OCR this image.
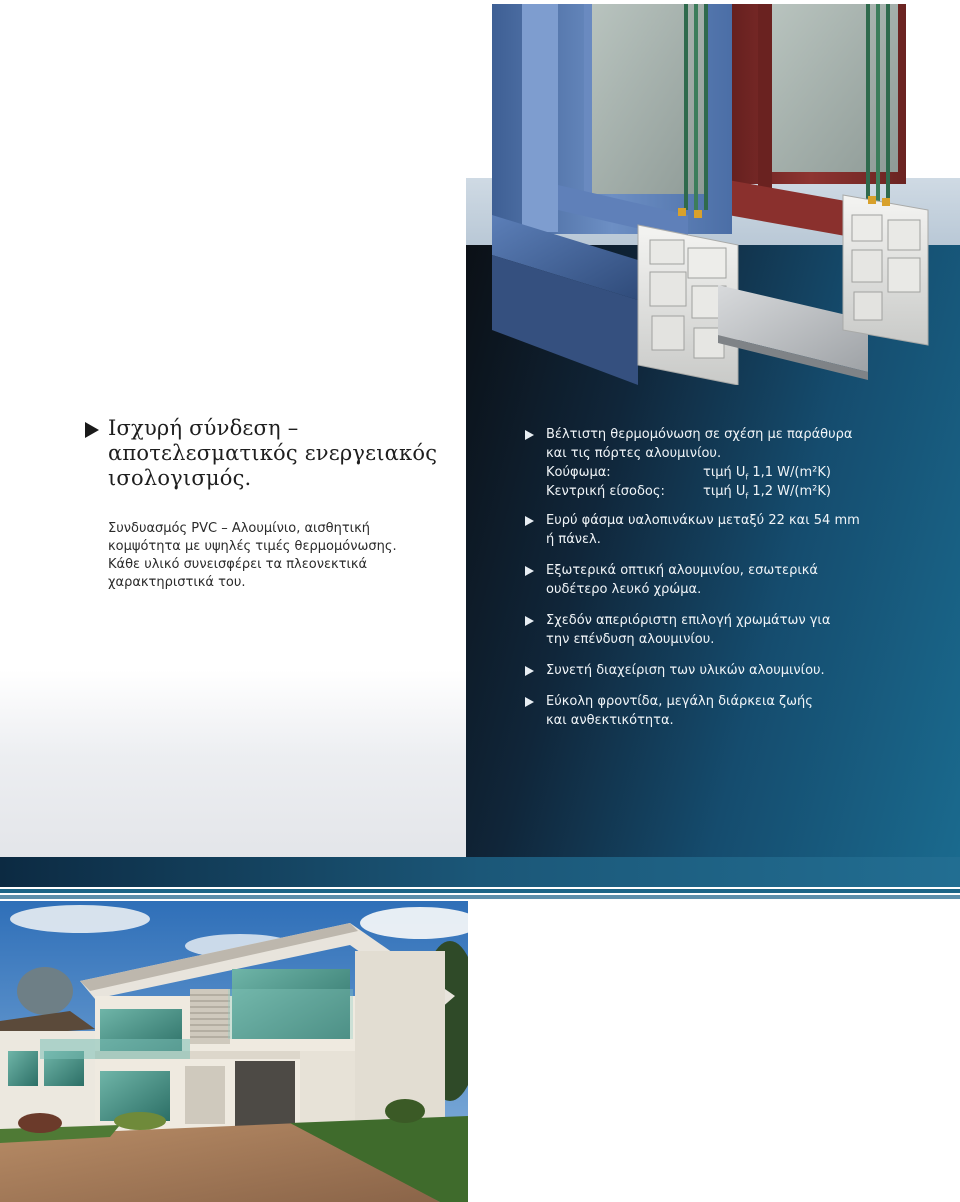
Ισχυρή σύνδεση –
αποτελεσματικός ενεργειακός
ισολογισμός.
Συνδυασμός PVC – Αλουμίνιο, αισθητική
κομψότητα με υψηλές τιμές θερμομόνωσης.
Κάθε υλικό συνεισφέρει τα πλεονεκτικά
χαρακτηριστικά του.
Βέλτιστη θερμομόνωση σε σχέση με παράθυρα
και τις πόρτες αλουμινίου.
Κούφωμα:	τιμή $U_f$ 1,1 W/(m²K)
Κεντρική είσοδος:	τιμή $U_f$ 1,2 W/(m²K)
Ευρύ φάσμα υαλοπινάκων μεταξύ 22 και 54 mm
ή πάνελ.
Εξωτερικά οπτική αλουμινίου, εσωτερικά
ουδέτερο λευκό χρώμα.
Σχεδόν απεριόριστη επιλογή χρωμάτων για
την επένδυση αλουμινίου.
Συνετή διαχείριση των υλικών αλουμινίου.
Εύκολη φροντίδα, μεγάλη διάρκεια ζωής
και ανθεκτικότητα.
